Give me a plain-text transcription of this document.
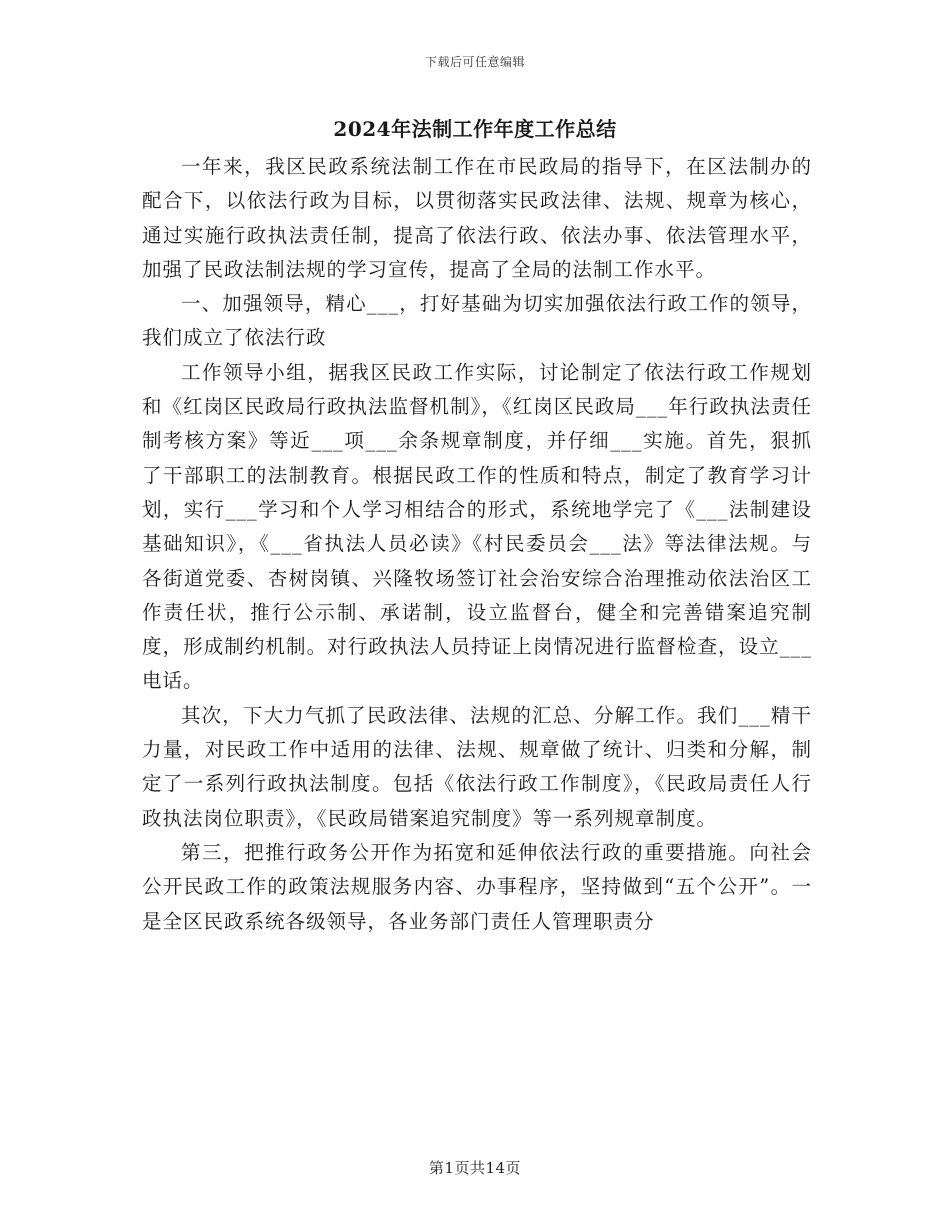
下载后可任意编辑
2024年法制工作年度工作总结

一年来，我区民政系统法制工作在市民政局的指导下，在区法制办的配合下，以依法行政为目标，以贯彻落实民政法律、法规、规章为核心，通过实施行政执法责任制，提高了依法行政、依法办事、依法管理水平，加强了民政法制法规的学习宣传，提高了全局的法制工作水平。

一、加强领导，精心___，打好基础为切实加强依法行政工作的领导，我们成立了依法行政

工作领导小组，据我区民政工作实际，讨论制定了依法行政工作规划和《红岗区民政局行政执法监督机制》，《红岗区民政局___年行政执法责任制考核方案》等近___项___余条规章制度，并仔细___实施。首先，狠抓了干部职工的法制教育。根据民政工作的性质和特点，制定了教育学习计划，实行___学习和个人学习相结合的形式，系统地学完了《___法制建设基础知识》，《___省执法人员必读》《村民委员会___法》等法律法规。与各街道党委、杏树岗镇、兴隆牧场签订社会治安综合治理推动依法治区工作责任状，推行公示制、承诺制，设立监督台，健全和完善错案追究制度，形成制约机制。对行政执法人员持证上岗情况进行监督检查，设立___电话。

其次，下大力气抓了民政法律、法规的汇总、分解工作。我们___精干力量，对民政工作中适用的法律、法规、规章做了统计、归类和分解，制定了一系列行政执法制度。包括《依法行政工作制度》，《民政局责任人行政执法岗位职责》，《民政局错案追究制度》等一系列规章制度。

第三，把推行政务公开作为拓宽和延伸依法行政的重要措施。向社会公开民政工作的政策法规服务内容、办事程序，坚持做到“五个公开”。一是全区民政系统各级领导，各业务部门责任人管理职责分

第1页共14页
